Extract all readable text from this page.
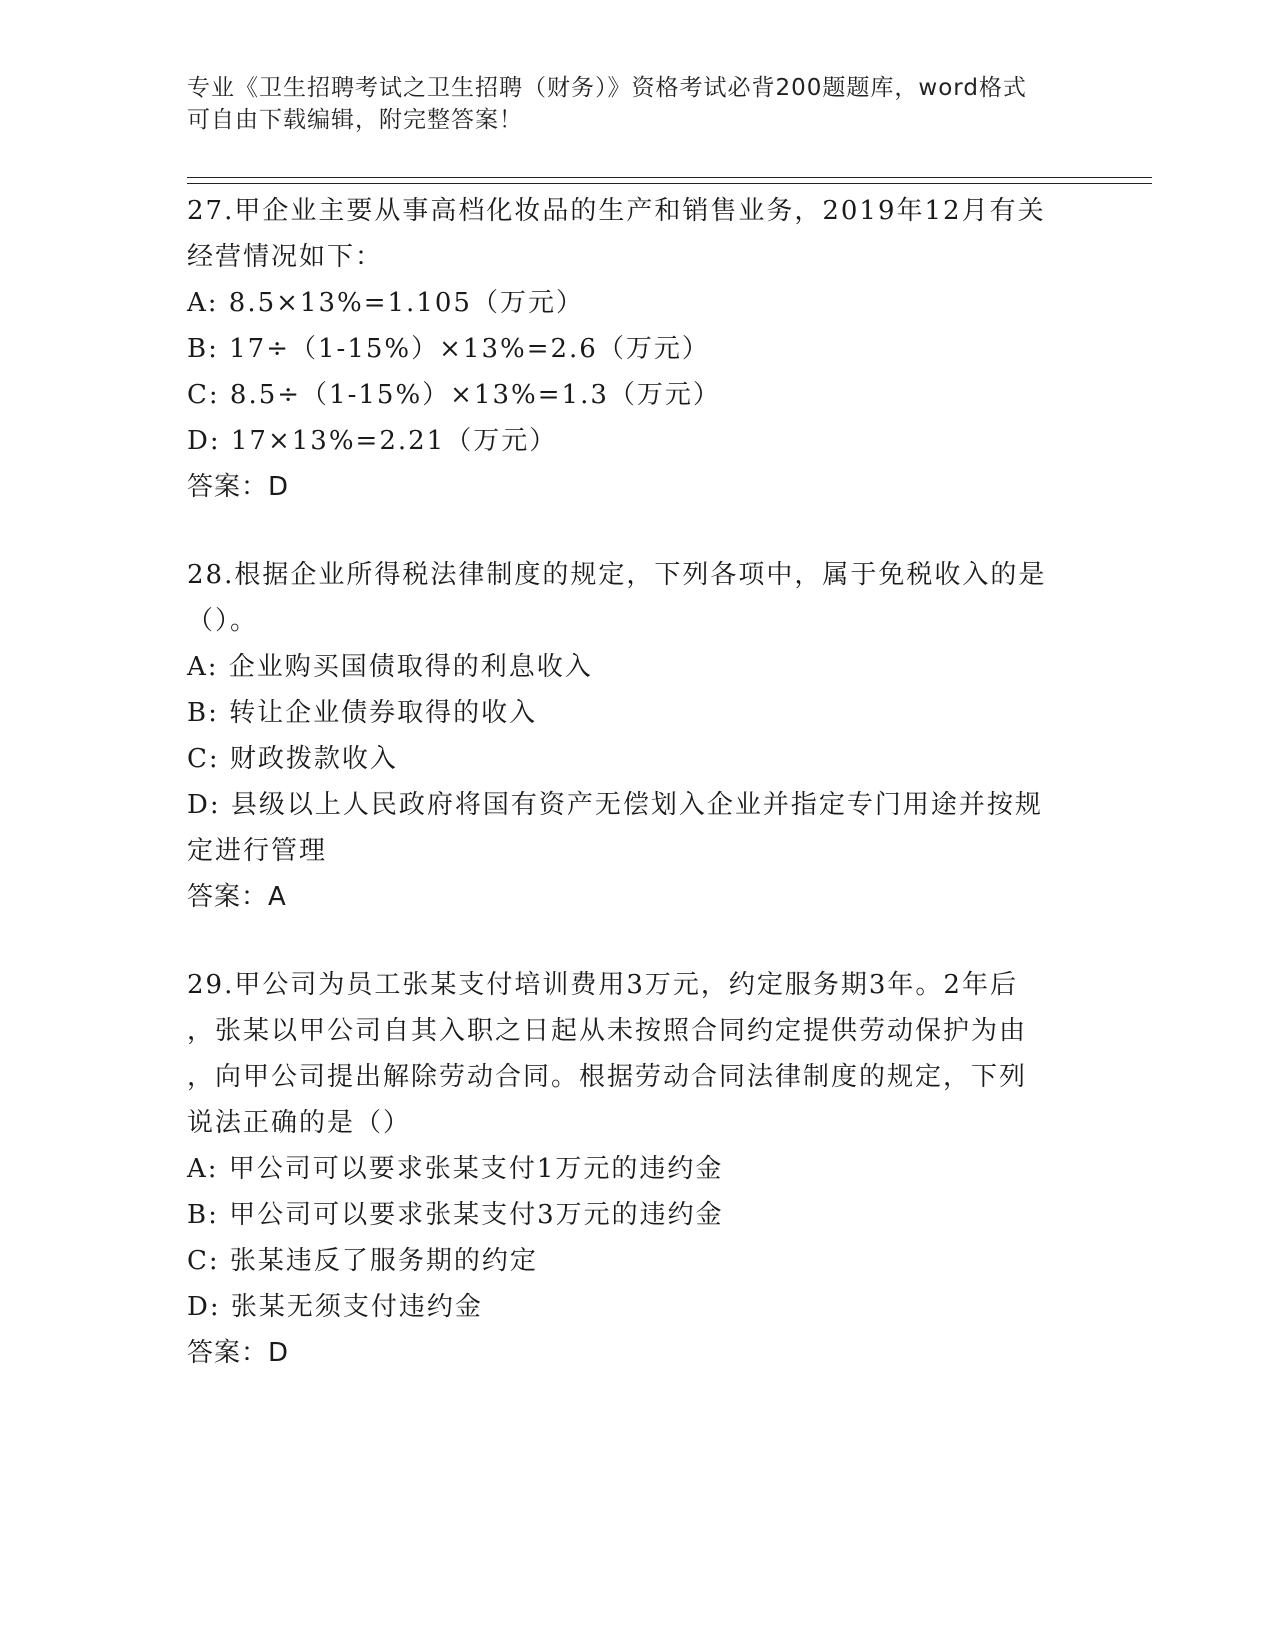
专业《卫生招聘考试之卫生招聘（财务）》资格考试必背200题题库，word格式
可自由下载编辑，附完整答案！
27.甲企业主要从事高档化妆品的生产和销售业务，2019年12月有关
经营情况如下：
A: 8.5×13%=1.105（万元）
B: 17÷（1-15%）×13%=2.6（万元）
C: 8.5÷（1-15%）×13%=1.3（万元）
D: 17×13%=2.21（万元）
答案：D
28.根据企业所得税法律制度的规定，下列各项中，属于免税收入的是
（）。
A: 企业购买国债取得的利息收入
B: 转让企业债券取得的收入
C: 财政拨款收入
D: 县级以上人民政府将国有资产无偿划入企业并指定专门用途并按规
定进行管理
答案：A
29.甲公司为员工张某支付培训费用3万元，约定服务期3年。2年后
，张某以甲公司自其入职之日起从未按照合同约定提供劳动保护为由
，向甲公司提出解除劳动合同。根据劳动合同法律制度的规定，下列
说法正确的是（）
A: 甲公司可以要求张某支付1万元的违约金
B: 甲公司可以要求张某支付3万元的违约金
C: 张某违反了服务期的约定
D: 张某无须支付违约金
答案：D
